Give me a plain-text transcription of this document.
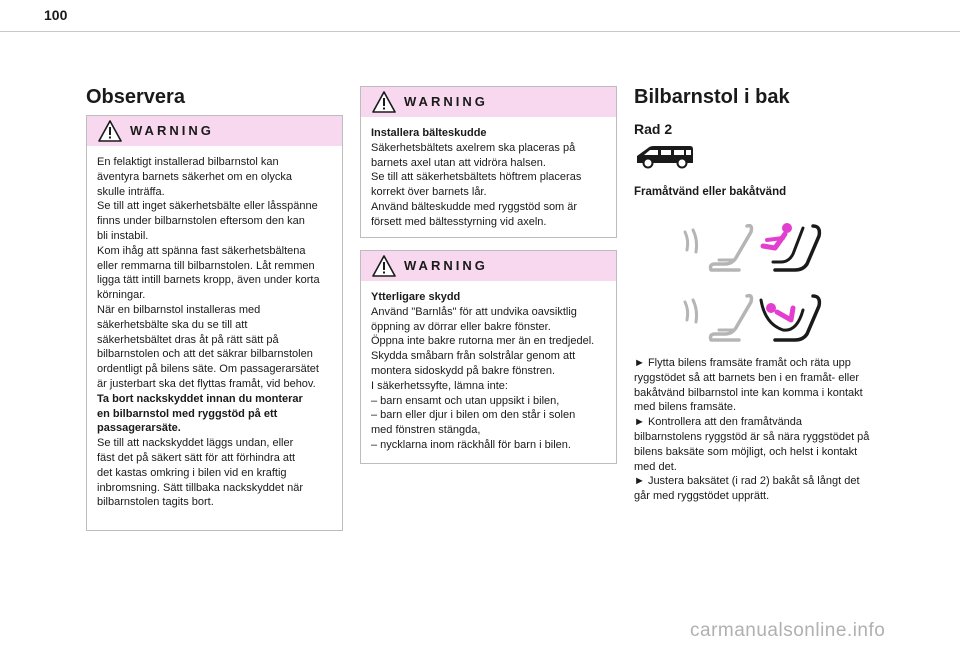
100
Observera
WARNING

En felaktigt installerad bilbarnstol kan

äventyra barnets säkerhet om en olycka

skulle inträffa.

Se till att inget säkerhetsbälte eller låsspänne

finns under bilbarnstolen eftersom den kan

bli instabil.

Kom ihåg att spänna fast säkerhetsbältena

eller remmarna till bilbarnstolen. Låt remmen

ligga tätt intill barnets kropp, även under korta

körningar.

När en bilbarnstol installeras med

säkerhetsbälte ska du se till att

säkerhetsbältet dras åt på rätt sätt på

bilbarnstolen och att det säkrar bilbarnstolen

ordentligt på bilens säte. Om passagerarsätet

är justerbart ska det flyttas framåt, vid behov.

Ta bort nackskyddet innan du monterar

en bilbarnstol med ryggstöd på ett

passagerarsäte.

Se till att nackskyddet läggs undan, eller

fäst det på säkert sätt för att förhindra att

det kastas omkring i bilen vid en kraftig

inbromsning. Sätt tillbaka nackskyddet när

bilbarnstolen tagits bort.

WARNING

Installera bälteskudde

Säkerhetsbältets axelrem ska placeras på

barnets axel utan att vidröra halsen.

Se till att säkerhetsbältets höftrem placeras

korrekt över barnets lår.

Använd bälteskudde med ryggstöd som är

försett med bältesstyrning vid axeln.

WARNING

Ytterligare skydd

Använd "Barnlås" för att undvika oavsiktlig

öppning av dörrar eller bakre fönster.

Öppna inte bakre rutorna mer än en tredjedel.

Skydda småbarn från solstrålar genom att

montera sidoskydd på bakre fönstren.

I säkerhetssyfte, lämna inte:

– barn ensamt och utan uppsikt i bilen,

– barn eller djur i bilen om den står i solen

med fönstren stängda,

– nycklarna inom räckhåll för barn i bilen.

Bilbarnstol i bak
Rad 2
Framåtvänd eller bakåtvänd

► Flytta bilens framsäte framåt och räta upp

ryggstödet så att barnets ben i en framåt- eller

bakåtvänd bilbarnstol inte kan komma i kontakt

med bilens framsäte.

► Kontrollera att den framåtvända

bilbarnstolens ryggstöd är så nära ryggstödet på

bilens baksäte som möjligt, och helst i kontakt

med det.

► Justera baksätet (i rad 2) bakåt så långt det

går med ryggstödet upprätt.

carmanualsonline.info
